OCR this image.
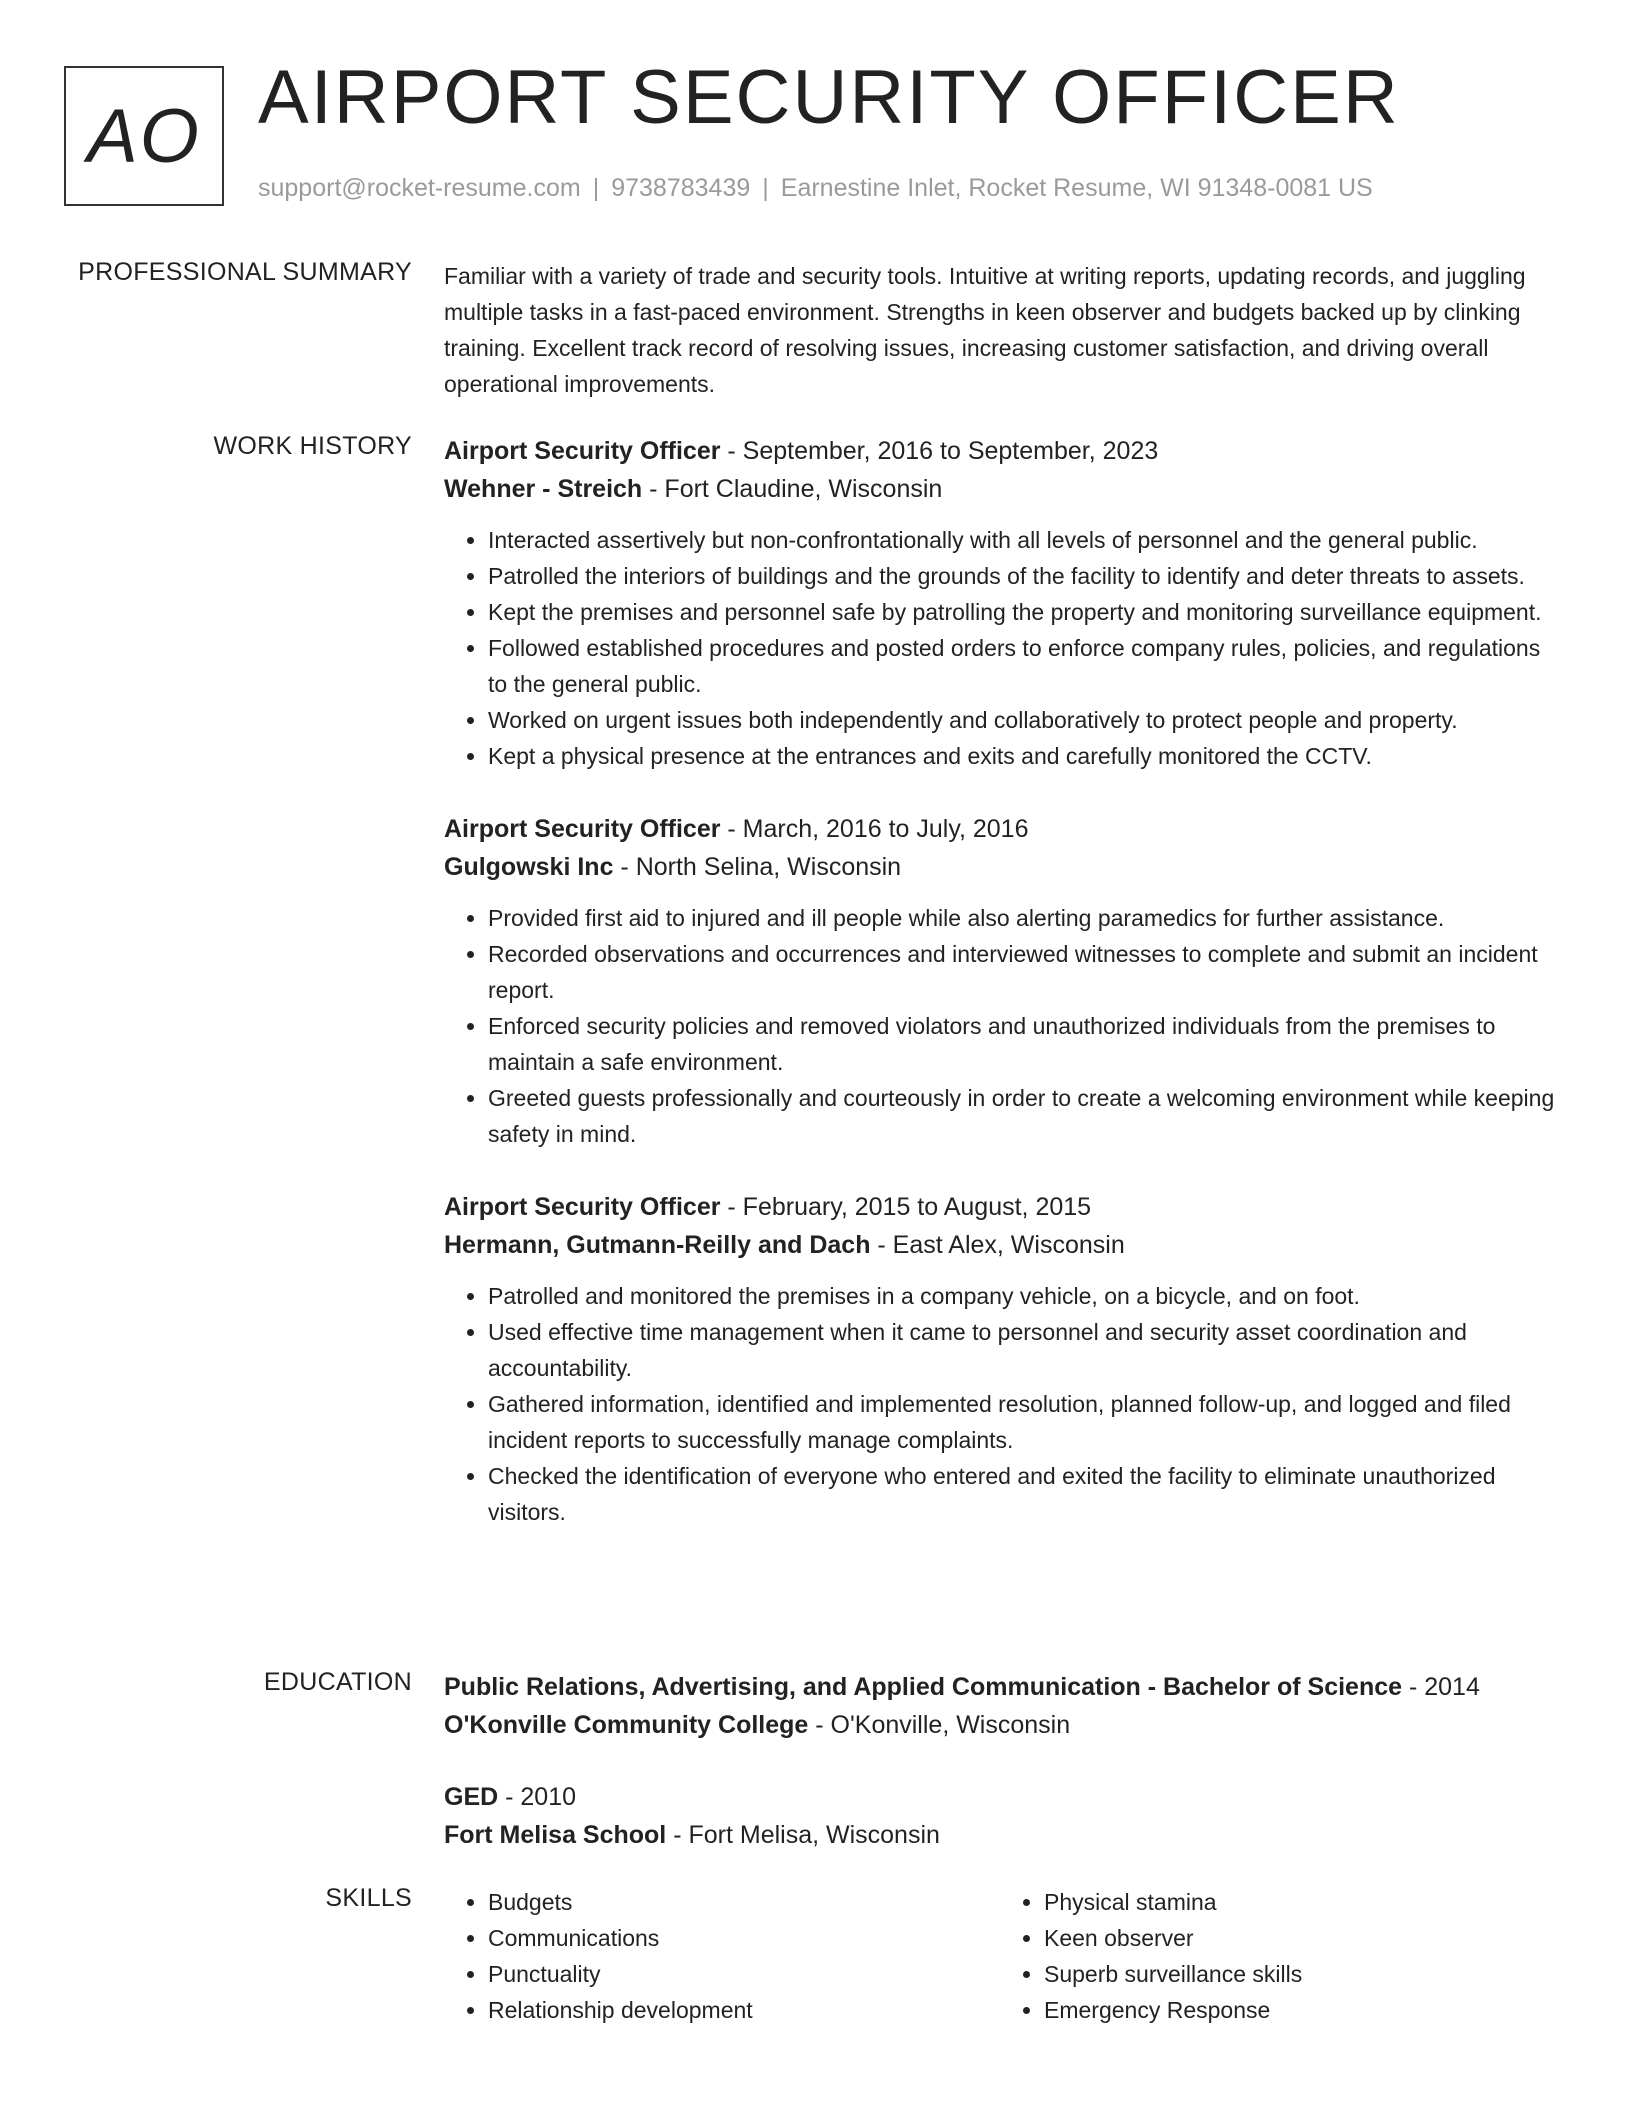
AO AIRPORT SECURITY OFFICER
support@rocket-resume.com | 9738783439 | Earnestine Inlet, Rocket Resume, WI 91348-0081 US
PROFESSIONAL SUMMARY Familiar with a variety of trade and security tools. Intuitive at writing reports, updating records, and juggling multiple tasks in a fast-paced environment. Strengths in keen observer and budgets backed up by clinking training. Excellent track record of resolving issues, increasing customer satisfaction, and driving overall operational improvements.

WORK HISTORY Airport Security Officer - September, 2016 to September, 2023
Wehner - Streich - Fort Claudine, Wisconsin
• Interacted assertively but non-confrontationally with all levels of personnel and the general public.
• Patrolled the interiors of buildings and the grounds of the facility to identify and deter threats to assets.
• Kept the premises and personnel safe by patrolling the property and monitoring surveillance equipment.
• Followed established procedures and posted orders to enforce company rules, policies, and regulations to the general public.
• Worked on urgent issues both independently and collaboratively to protect people and property.
• Kept a physical presence at the entrances and exits and carefully monitored the CCTV.
Airport Security Officer - March, 2016 to July, 2016
Gulgowski Inc - North Selina, Wisconsin
• Provided first aid to injured and ill people while also alerting paramedics for further assistance.
• Recorded observations and occurrences and interviewed witnesses to complete and submit an incident report.
• Enforced security policies and removed violators and unauthorized individuals from the premises to maintain a safe environment.
• Greeted guests professionally and courteously in order to create a welcoming environment while keeping safety in mind.
Airport Security Officer - February, 2015 to August, 2015
Hermann, Gutmann-Reilly and Dach - East Alex, Wisconsin
• Patrolled and monitored the premises in a company vehicle, on a bicycle, and on foot.
• Used effective time management when it came to personnel and security asset coordination and accountability.
• Gathered information, identified and implemented resolution, planned follow-up, and logged and filed incident reports to successfully manage complaints.
• Checked the identification of everyone who entered and exited the facility to eliminate unauthorized visitors.
EDUCATION Public Relations, Advertising, and Applied Communication - Bachelor of Science - 2014
O'Konville Community College - O'Konville, Wisconsin
GED - 2010
Fort Melisa School - Fort Melisa, Wisconsin
SKILLS
•	Budgets
• Communications
• Punctuality
• Relationship development
• Physical stamina
• Keen observer
• Superb surveillance skills
• Emergency Response
